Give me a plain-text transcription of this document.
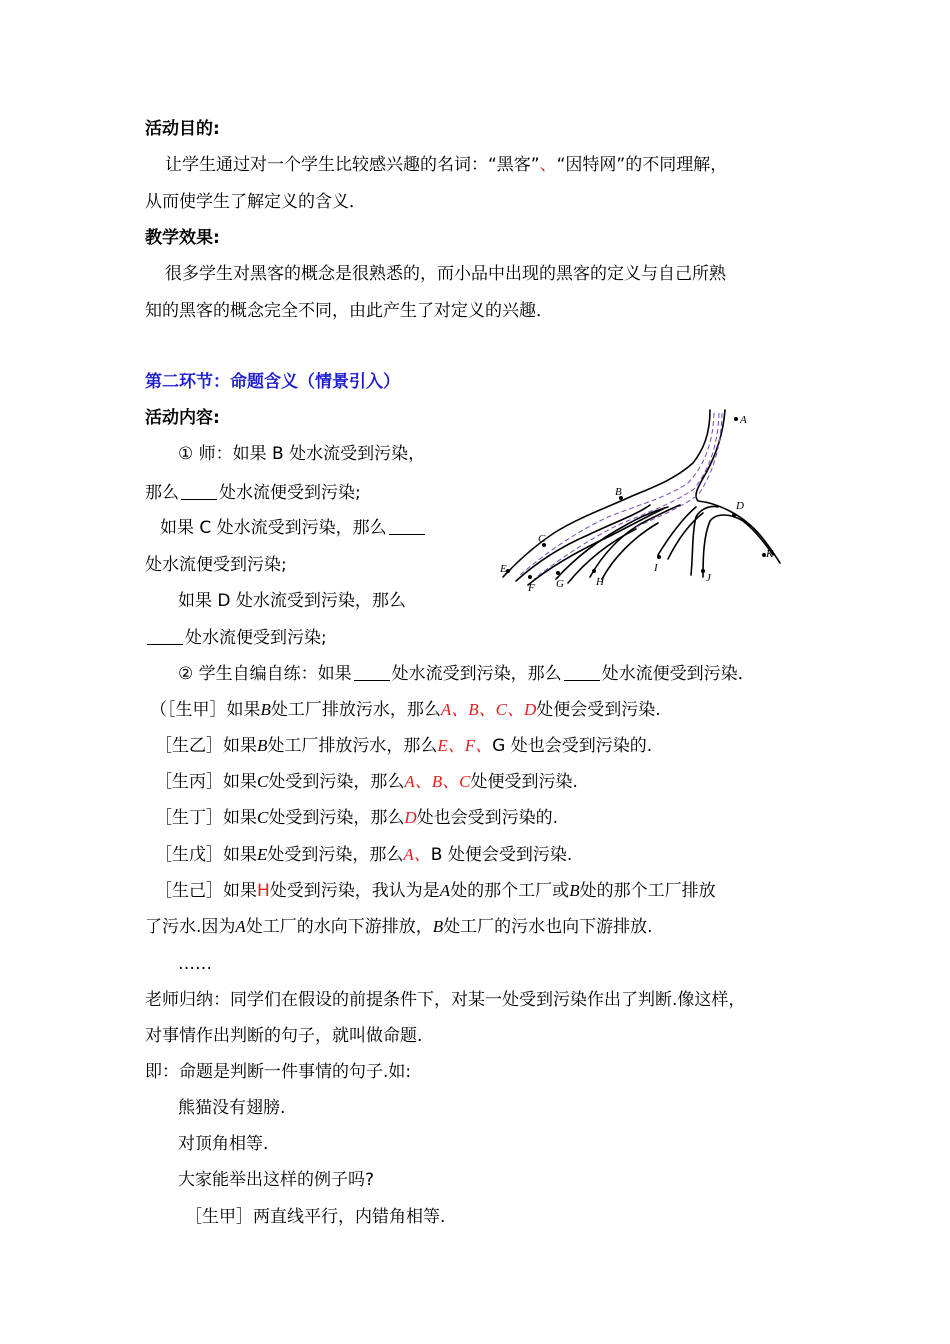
活动目的:
让学生通过对一个学生比较感兴趣的名词：“黑客”、“因特网”的不同理解，
从而使学生了解定义的含义．
教学效果:
很多学生对黑客的概念是很熟悉的，而小品中出现的黑客的定义与自己所熟
知的黑客的概念完全不同，由此产生了对定义的兴趣．
第二环节：命题含义（情景引入）
活动内容:
① 师：如果 B 处水流受到污染，
那么 处水流便受到污染;
如果 C 处水流受到污染，那么
处水流便受到污染;
如果 D 处水流受到污染，那么
处水流便受到污染;
② 学生自编自练：如果 处水流受到污染，那么 处水流便受到污染．
（［生甲］如果B处工厂排放污水，那么A、B、C、D处便会受到污染.
［生乙］如果B处工厂排放污水，那么E、F、G 处也会受到污染的.
［生丙］如果C处受到污染，那么A、B、C处便受到污染.
［生丁］如果C处受到污染，那么D处也会受到污染的.
［生戊］如果E处受到污染，那么A、B 处便会受到污染.
［生己］如果H处受到污染，我认为是A处的那个工厂或B处的那个工厂排放
了污水.因为A处工厂的水向下游排放，B处工厂的污水也向下游排放.
……
老师归纳：同学们在假设的前提条件下，对某一处受到污染作出了判断.像这样，
对事情作出判断的句子，就叫做命题.
即：命题是判断一件事情的句子.如:
熊猫没有翅膀.
对顶角相等.
大家能举出这样的例子吗?
［生甲］两直线平行，内错角相等.
A
B
C
D
E
F G	H
I
J
K
